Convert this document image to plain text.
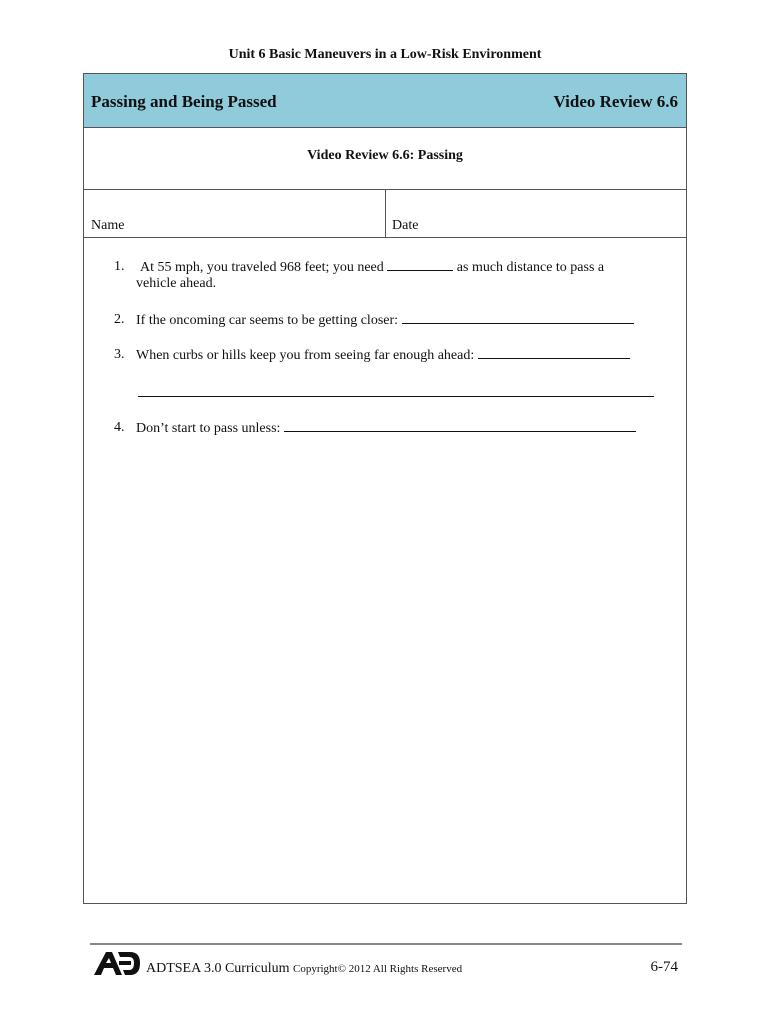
Unit 6 Basic Maneuvers in a Low-Risk Environment
Passing and Being Passed	Video Review 6.6
Video Review 6.6: Passing
Name	Date
1. At 55 mph, you traveled 968 feet; you need	as much distance to pass a
vehicle ahead.
2. If the oncoming car seems to be getting closer:
3. When curbs or hills keep you from seeing far enough ahead:
4. Don’t start to pass unless:
AE
ADTSEA 3.0 Curriculum Copyright© 2012 All Rights Reserved	6-74
